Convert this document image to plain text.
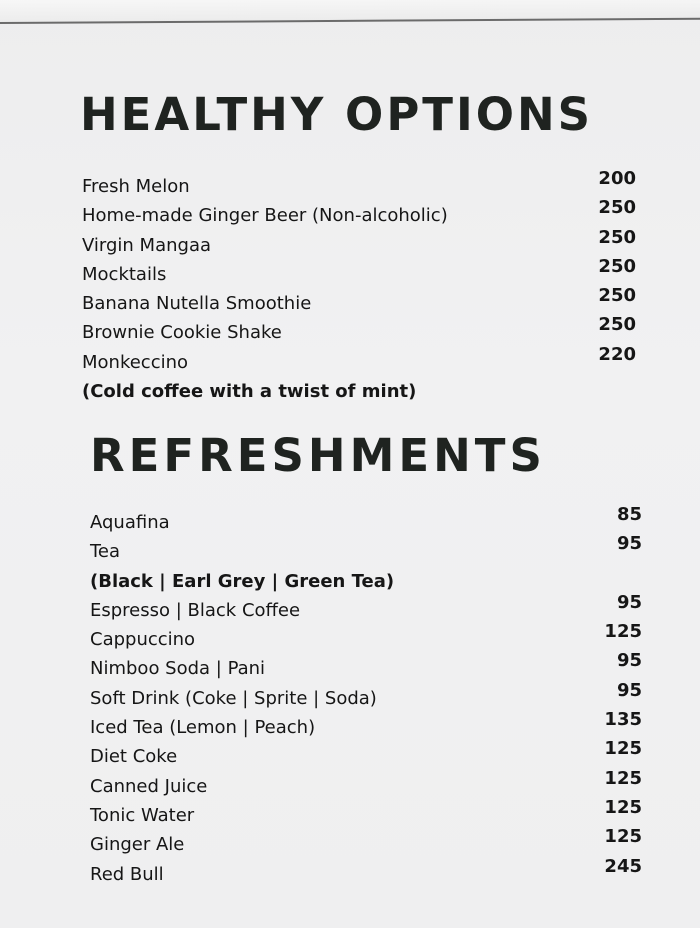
HEALTHY OPTIONS
Fresh Melon	200
Home-made Ginger Beer (Non-alcoholic)	250
Virgin Mangaa	250
Mocktails	250
Banana Nutella Smoothie	250
Brownie Cookie Shake	250
Monkeccino	220
(Cold coffee with a twist of mint)
REFRESHMENTS
Aquafina	85
Tea	95
(Black | Earl Grey | Green Tea)
Espresso | Black Coffee	95
Cappuccino	125
Nimboo Soda | Pani	95
Soft Drink (Coke | Sprite | Soda)	95
Iced Tea (Lemon | Peach)	135
Diet Coke	125
Canned Juice	125
Tonic Water	125
Ginger Ale	125
Red Bull	245
